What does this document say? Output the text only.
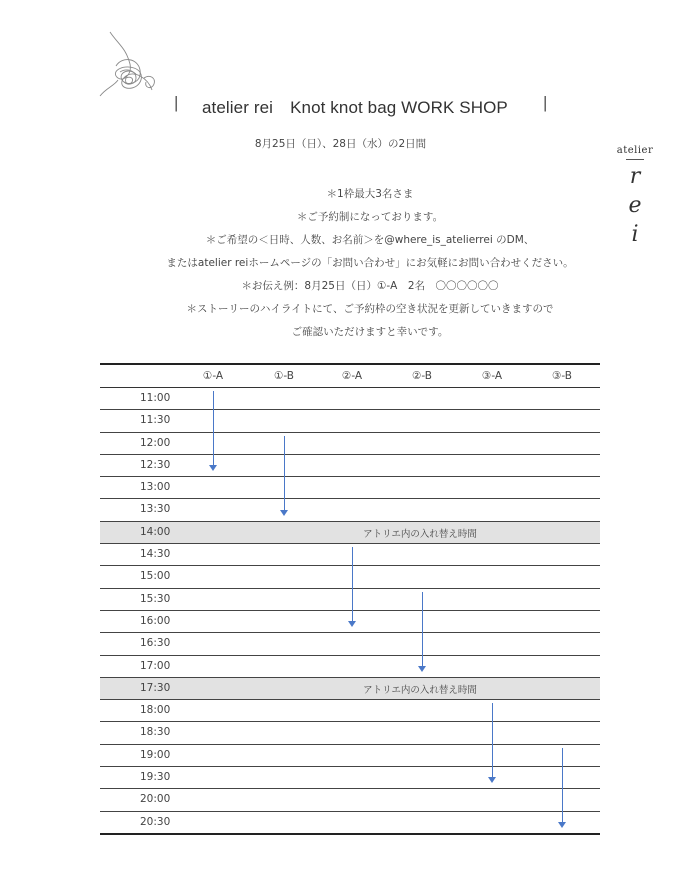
| atelier rei　Knot knot bag WORK SHOP |
8月25日（日）、28日（水）の2日間
＊1枠最大3名さま
＊ご予約制になっております。
＊ご希望の＜日時、人数、お名前＞を@where_is_atelierrei のDM、
またはatelier reiホームページの「お問い合わせ」にお気軽にお問い合わせください。
＊お伝え例：8月25日（日）①-A　2名　〇〇〇〇〇〇
＊ストーリーのハイライトにて、ご予約枠の空き状況を更新していきますので
ご確認いただけますと幸いです。
atelier
r
e
i
①-A	①-B	②-A	②-B	③-A	③-B
11:00
11:30
12:00
12:30
13:00
13:30
14:00	アトリエ内の入れ替え時間
14:30
15:00
15:30
16:00
16:30
17:00
17:30	アトリエ内の入れ替え時間
18:00
18:30
19:00
19:30
20:00
20:30
